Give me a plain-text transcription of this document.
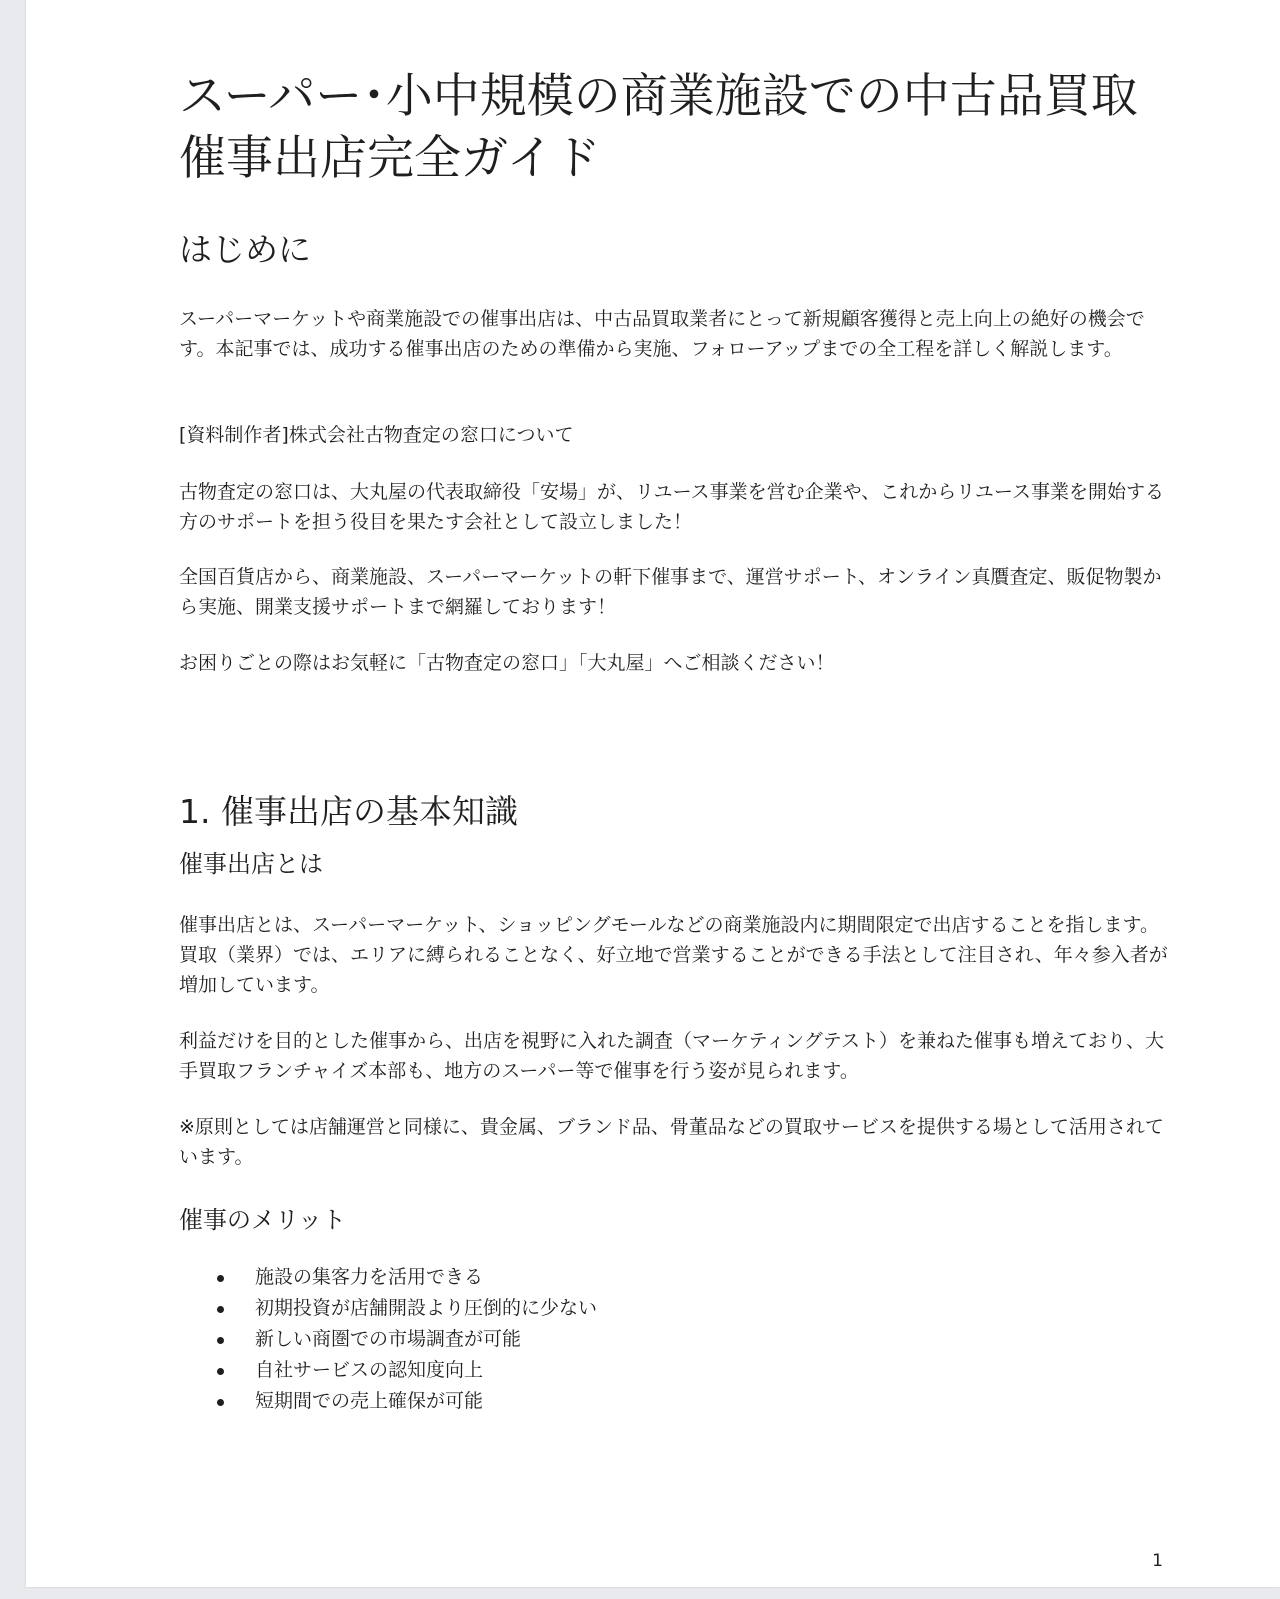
スーパー･小中規模の商業施設での中古品買取催事出店完全ガイド
はじめに

スーパーマーケットや商業施設での催事出店は、中古品買取業者にとって新規顧客獲得と売上向上の絶好の機会です。本記事では、成功する催事出店のための準備から実施、フォローアップまでの全工程を詳しく解説します。

[資料制作者]株式会社古物査定の窓口について

古物査定の窓口は、大丸屋の代表取締役「安場」が、リユース事業を営む企業や、これからリユース事業を開始する方のサポートを担う役目を果たす会社として設立しました！

全国百貨店から、商業施設、スーパーマーケットの軒下催事まで、運営サポート、オンライン真贋査定、販促物製から実施、開業支援サポートまで網羅しております！

お困りごとの際はお気軽に「古物査定の窓口」「大丸屋」へご相談ください！

1. 催事出店の基本知識
催事出店とは

催事出店とは、スーパーマーケット、ショッピングモールなどの商業施設内に期間限定で出店することを指します。買取（業界）では、エリアに縛られることなく、好立地で営業することができる手法として注目され、年々参入者が増加しています。

利益だけを目的とした催事から、出店を視野に入れた調査（マーケティングテスト）を兼ねた催事も増えており、大手買取フランチャイズ本部も、地方のスーパー等で催事を行う姿が見られます。

※原則としては店舗運営と同様に、貴金属、ブランド品、骨董品などの買取サービスを提供する場として活用されています。

催事のメリット
施設の集客力を活用できる
初期投資が店舗開設より圧倒的に少ない
新しい商圏での市場調査が可能
自社サービスの認知度向上
短期間での売上確保が可能
1
